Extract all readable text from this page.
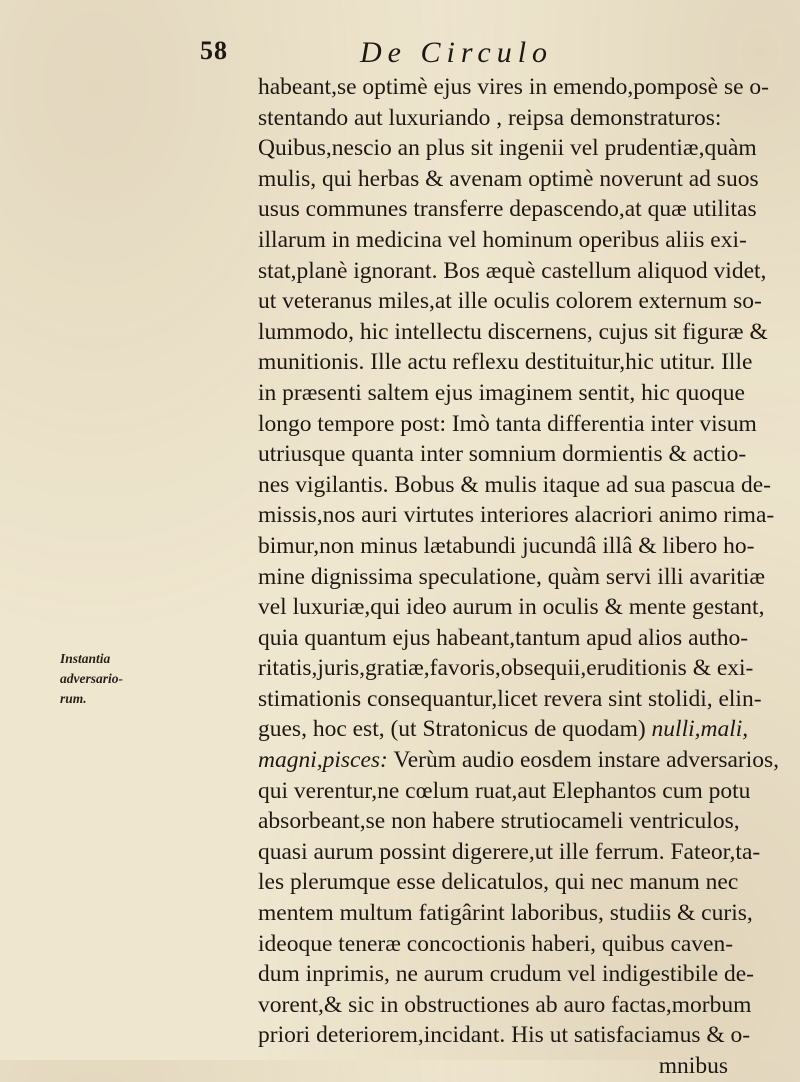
58	De Circulo
Instantia
adversario-
rum.
habeant,se optimè ejus vires in emendo,pomposè se o-
stentando aut luxuriando , reipsa demonstraturos:
Quibus,nescio an plus sit ingenii vel prudentiæ,quàm
mulis, qui herbas & avenam optimè noverunt ad suos
usus communes transferre depascendo,at quæ utilitas
illarum in medicina vel hominum operibus aliis exi-
stat,planè ignorant. Bos æquè castellum aliquod videt,
ut veteranus miles,at ille oculis colorem externum so-
lummodo, hic intellectu discernens, cujus sit figuræ &
munitionis. Ille actu reflexu destituitur,hic utitur. Ille
in præsenti saltem ejus imaginem sentit, hic quoque
longo tempore post: Imò tanta differentia inter visum
utriusque quanta inter somnium dormientis & actio-
nes vigilantis. Bobus & mulis itaque ad sua pascua de-
missis,nos auri virtutes interiores alacriori animo rima-
bimur,non minus lætabundi jucundâ illâ & libero ho-
mine dignissima speculatione, quàm servi illi avaritiæ
vel luxuriæ,qui ideo aurum in oculis & mente gestant,
quia quantum ejus habeant,tantum apud alios autho-
ritatis,juris,gratiæ,favoris,obsequii,eruditionis & exi-
stimationis consequantur,licet revera sint stolidi, elin-
gues, hoc est, (ut Stratonicus de quodam) nulli,mali,
magni,pisces: Verùm audio eosdem instare adversarios,
qui verentur,ne cœlum ruat,aut Elephantos cum potu
absorbeant,se non habere strutiocameli ventriculos,
quasi aurum possint digerere,ut ille ferrum. Fateor,ta-
les plerumque esse delicatulos, qui nec manum nec
mentem multum fatigârint laboribus, studiis & curis,
ideoque teneræ concoctionis haberi, quibus caven-
dum inprimis, ne aurum crudum vel indigestibile de-
vorent,& sic in obstructiones ab auro factas,morbum
priori deteriorem,incidant. His ut satisfaciamus & o-
mnibus
